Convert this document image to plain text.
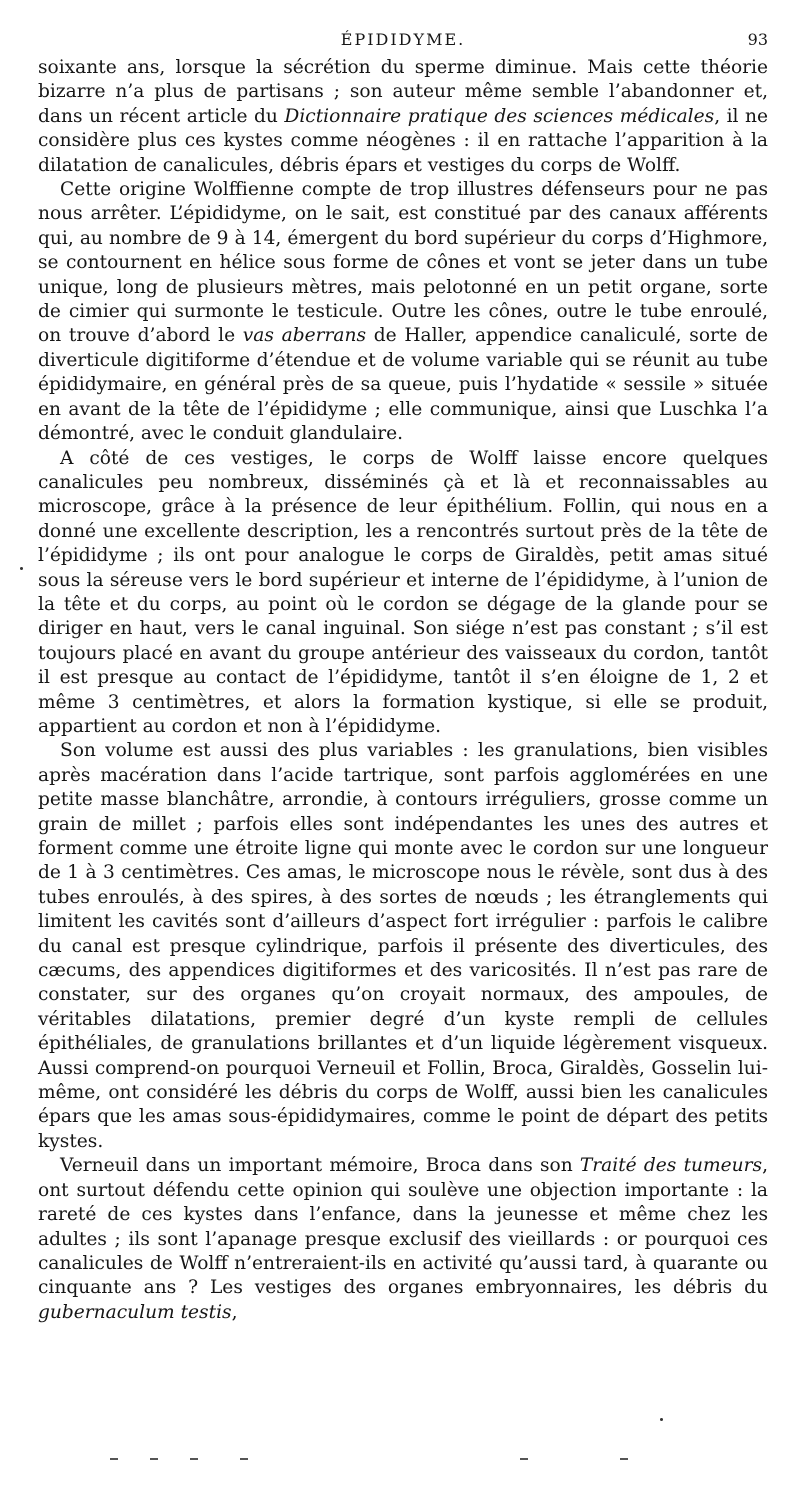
ÉPIDIDYME.	93

soixante ans, lorsque la sécrétion du sperme diminue. Mais cette théorie bizarre n’a plus de partisans ; son auteur même semble l’abandonner et, dans un récent article du Dictionnaire pratique des sciences médicales, il ne considère plus ces kystes comme néogènes : il en rattache l’apparition à la dilatation de canalicules, débris épars et vestiges du corps de Wolff.

Cette origine Wolffienne compte de trop illustres défenseurs pour ne pas nous arrêter. L’épididyme, on le sait, est constitué par des canaux afférents qui, au nombre de 9 à 14, émergent du bord supérieur du corps d’Highmore, se contournent en hélice sous forme de cônes et vont se jeter dans un tube unique, long de plusieurs mètres, mais pelotonné en un petit organe, sorte de cimier qui surmonte le testicule. Outre les cônes, outre le tube enroulé, on trouve d’abord le vas aberrans de Haller, appendice canaliculé, sorte de diverticule digitiforme d’étendue et de volume variable qui se réunit au tube épididymaire, en général près de sa queue, puis l’hydatide « sessile » située en avant de la tête de l’épididyme ; elle communique, ainsi que Luschka l’a démontré, avec le conduit glandulaire.

A côté de ces vestiges, le corps de Wolff laisse encore quelques canalicules peu nombreux, disséminés çà et là et reconnaissables au microscope, grâce à la présence de leur épithélium. Follin, qui nous en a donné une excellente description, les a rencontrés surtout près de la tête de l’épididyme ; ils ont pour analogue le corps de Giraldès, petit amas situé sous la séreuse vers le bord supérieur et interne de l’épididyme, à l’union de la tête et du corps, au point où le cordon se dégage de la glande pour se diriger en haut, vers le canal inguinal. Son siége n’est pas constant ; s’il est toujours placé en avant du groupe antérieur des vaisseaux du cordon, tantôt il est presque au contact de l’épididyme, tantôt il s’en éloigne de 1, 2 et même 3 centimètres, et alors la formation kystique, si elle se produit, appartient au cordon et non à l’épididyme.

Son volume est aussi des plus variables : les granulations, bien visibles après macération dans l’acide tartrique, sont parfois agglomérées en une petite masse blanchâtre, arrondie, à contours irréguliers, grosse comme un grain de millet ; parfois elles sont indépendantes les unes des autres et forment comme une étroite ligne qui monte avec le cordon sur une longueur de 1 à 3 centimètres. Ces amas, le microscope nous le révèle, sont dus à des tubes enroulés, à des spires, à des sortes de nœuds ; les étranglements qui limitent les cavités sont d’ailleurs d’aspect fort irrégulier : parfois le calibre du canal est presque cylindrique, parfois il présente des diverticules, des cæcums, des appendices digitiformes et des varicosités. Il n’est pas rare de constater, sur des organes qu’on croyait normaux, des ampoules, de véritables dilatations, premier degré d’un kyste rempli de cellules épithéliales, de granulations brillantes et d’un liquide légèrement visqueux. Aussi comprend-on pourquoi Verneuil et Follin, Broca, Giraldès, Gosselin lui-même, ont considéré les débris du corps de Wolff, aussi bien les canalicules épars que les amas sous-épididymaires, comme le point de départ des petits kystes.

Verneuil dans un important mémoire, Broca dans son Traité des tumeurs, ont surtout défendu cette opinion qui soulève une objection importante : la rareté de ces kystes dans l’enfance, dans la jeunesse et même chez les adultes ; ils sont l’apanage presque exclusif des vieillards : or pourquoi ces canalicules de Wolff n’entreraient-ils en activité qu’aussi tard, à quarante ou cinquante ans ? Les vestiges des organes embryonnaires, les débris du gubernaculum testis,
